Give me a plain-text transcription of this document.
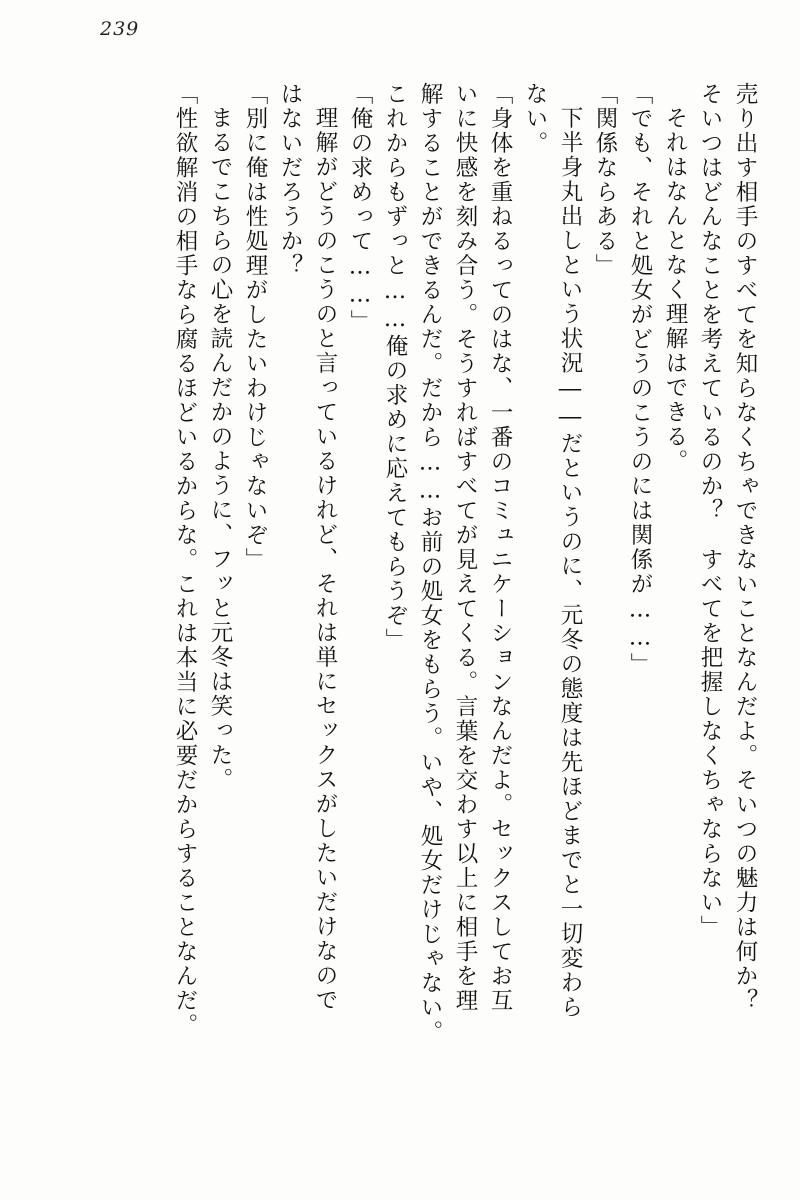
239
売り出す相手のすべてを知らなくちゃできないことなんだよ。そいつの魅力は何か？
そいつはどんなことを考えているのか？　すべてを把握しなくちゃならない」
それはなんとなく理解はできる。
「でも、それと処女がどうのこうのには関係が……」
「関係ならある」
下半身丸出しという状況――だというのに、元冬の態度は先ほどまでと一切変わら
ない。
「身体を重ねるってのはな、一番のコミュニケーションなんだよ。セックスしてお互
いに快感を刻み合う。そうすればすべてが見えてくる。言葉を交わす以上に相手を理
解することができるんだ。だから……お前の処女をもらう。いや、処女だけじゃない。
これからもずっと……俺の求めに応えてもらうぞ」
「俺の求めって……」
理解がどうのこうのと言っているけれど、それは単にセックスがしたいだけなので
はないだろうか？
「別に俺は性処理がしたいわけじゃないぞ」
まるでこちらの心を読んだかのように、フッと元冬は笑った。
「性欲解消の相手なら腐るほどいるからな。これは本当に必要だからすることなんだ。
